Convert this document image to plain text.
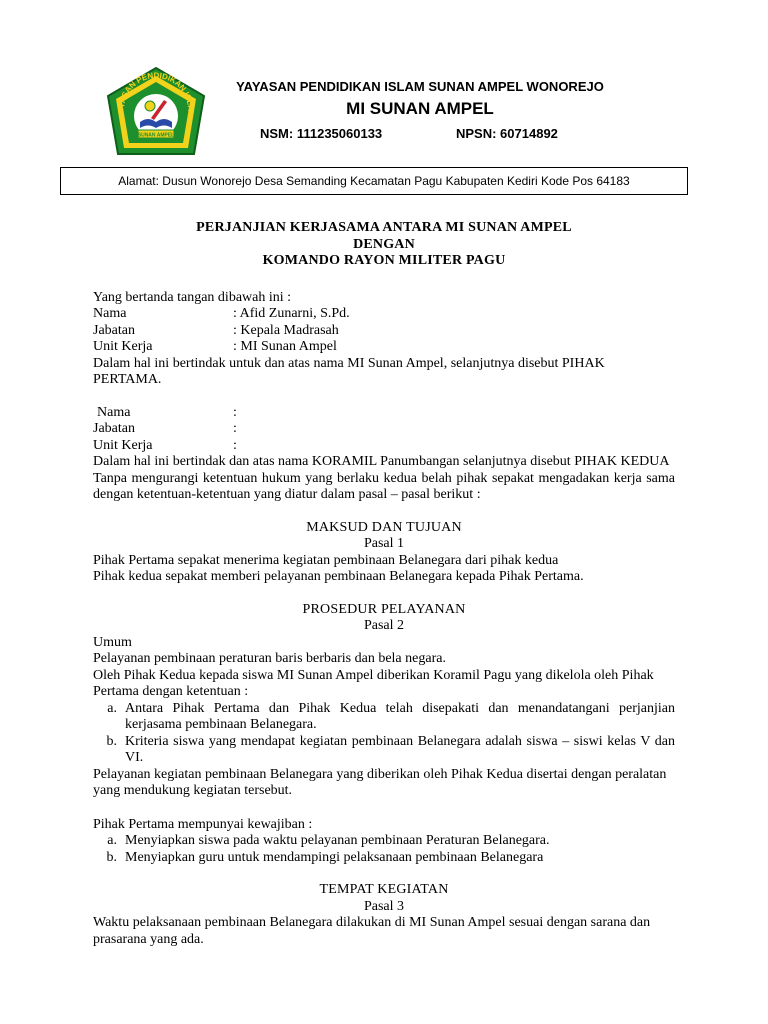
YASAN PENDIDIKAN ISLA
SUNAN AMPEL
YAYASAN PENDIDIKAN ISLAM SUNAN AMPEL WONOREJO
MI SUNAN AMPEL
NSM: 111235060133	NPSN: 60714892
Alamat: Dusun Wonorejo Desa Semanding Kecamatan Pagu Kabupaten Kediri Kode Pos 64183
PERJANJIAN KERJASAMA ANTARA MI SUNAN AMPEL
DENGAN
KOMANDO RAYON MILITER PAGU

Yang bertanda tangan dibawah ini :

Nama	: Afid Zunarni, S.Pd.
Jabatan	: Kepala Madrasah
Unit Kerja	: MI Sunan Ampel

Dalam hal ini bertindak untuk dan atas nama MI Sunan Ampel, selanjutnya disebut PIHAK PERTAMA.

Nama	:
Jabatan	:
Unit Kerja	:

Dalam hal ini bertindak dan atas nama KORAMIL Panumbangan selanjutnya disebut PIHAK KEDUA

Tanpa mengurangi ketentuan hukum yang berlaku kedua belah pihak sepakat mengadakan kerja sama dengan ketentuan-ketentuan yang diatur dalam pasal – pasal berikut :

MAKSUD DAN TUJUAN
Pasal 1

Pihak Pertama sepakat menerima kegiatan pembinaan Belanegara dari pihak kedua

Pihak kedua sepakat memberi pelayanan pembinaan Belanegara kepada Pihak Pertama.

PROSEDUR PELAYANAN
Pasal 2

Umum

Pelayanan pembinaan peraturan baris berbaris dan bela negara.

Oleh Pihak Kedua kepada siswa MI Sunan Ampel diberikan Koramil Pagu yang dikelola oleh Pihak Pertama dengan ketentuan :

a. Antara Pihak Pertama dan Pihak Kedua telah disepakati dan menandatangani perjanjian kerjasama pembinaan Belanegara.
b. Kriteria siswa yang mendapat kegiatan pembinaan Belanegara adalah siswa – siswi kelas V dan VI.

Pelayanan kegiatan pembinaan Belanegara yang diberikan oleh Pihak Kedua disertai dengan peralatan yang mendukung kegiatan tersebut.

Pihak Pertama mempunyai kewajiban :

a. Menyiapkan siswa pada waktu pelayanan pembinaan Peraturan Belanegara.
b. Menyiapkan guru untuk mendampingi pelaksanaan pembinaan Belanegara
TEMPAT KEGIATAN
Pasal 3

Waktu pelaksanaan pembinaan Belanegara dilakukan di MI Sunan Ampel sesuai dengan sarana dan prasarana yang ada.
